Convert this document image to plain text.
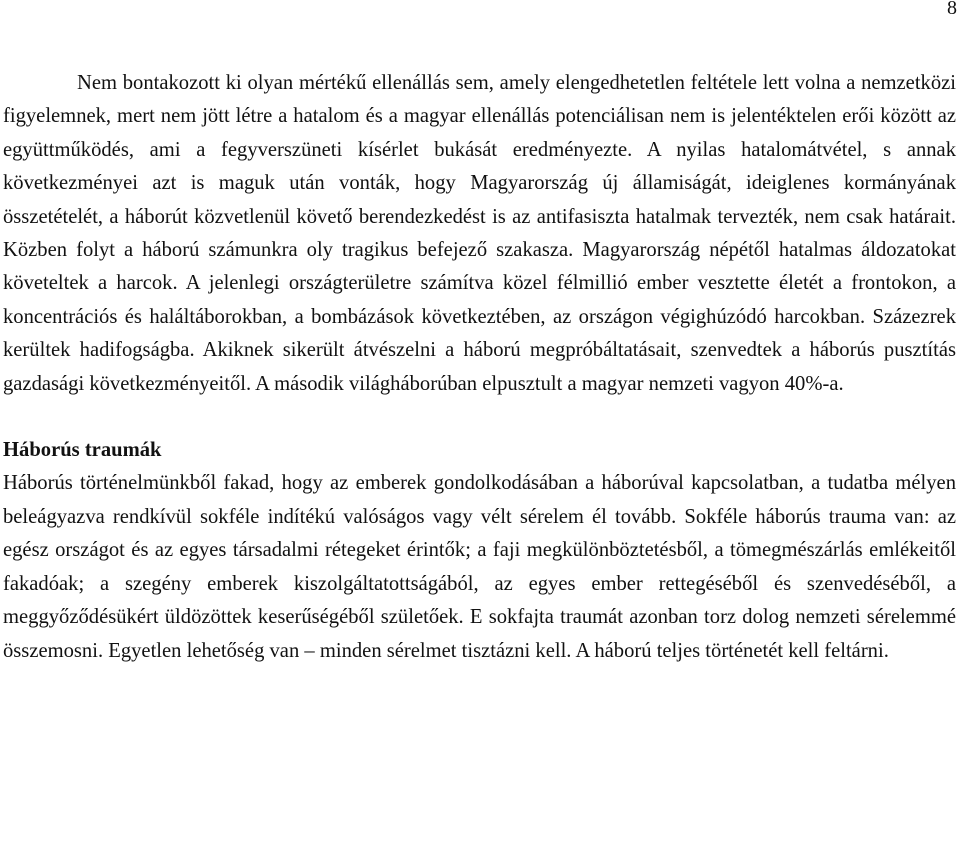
8

Nem bontakozott ki olyan mértékű ellenállás sem, amely elengedhetetlen feltétele lett volna a nemzetközi figyelemnek, mert nem jött létre a hatalom és a magyar ellenállás potenciálisan nem is jelentéktelen erői között az együttműködés, ami a fegyverszüneti kísérlet bukását eredményezte. A nyilas hatalomátvétel, s annak következményei azt is maguk után vonták, hogy Magyarország új államiságát, ideiglenes kormányának összetételét, a háborút közvetlenül követő berendezkedést is az antifasiszta hatalmak tervezték, nem csak határait. Közben folyt a háború számunkra oly tragikus befejező szakasza. Magyarország népétől hatalmas áldozatokat követeltek a harcok. A jelenlegi országterületre számítva közel félmillió ember vesztette életét a frontokon, a koncentrációs és haláltáborokban, a bombázások következtében, az országon végighúzódó harcokban. Százezrek kerültek hadifogságba. Akiknek sikerült átvészelni a háború megpróbáltatásait, szenvedtek a háborús pusztítás gazdasági következményeitől. A második világháborúban elpusztult a magyar nemzeti vagyon 40%-a.

Háborús traumák

Háborús történelmünkből fakad, hogy az emberek gondolkodásában a háborúval kapcsolatban, a tudatba mélyen beleágyazva rendkívül sokféle indítékú valóságos vagy vélt sérelem él tovább. Sokféle háborús trauma van: az egész országot és az egyes társadalmi rétegeket érintők; a faji megkülönböztetésből, a tömegmészárlás emlékeitől fakadóak; a szegény emberek kiszolgáltatottságából, az egyes ember rettegéséből és szenvedéséből, a meggyőződésükért üldözöttek keserűségéből születőek. E sokfajta traumát azonban torz dolog nemzeti sérelemmé összemosni. Egyetlen lehetőség van – minden sérelmet tisztázni kell. A háború teljes történetét kell feltárni.
